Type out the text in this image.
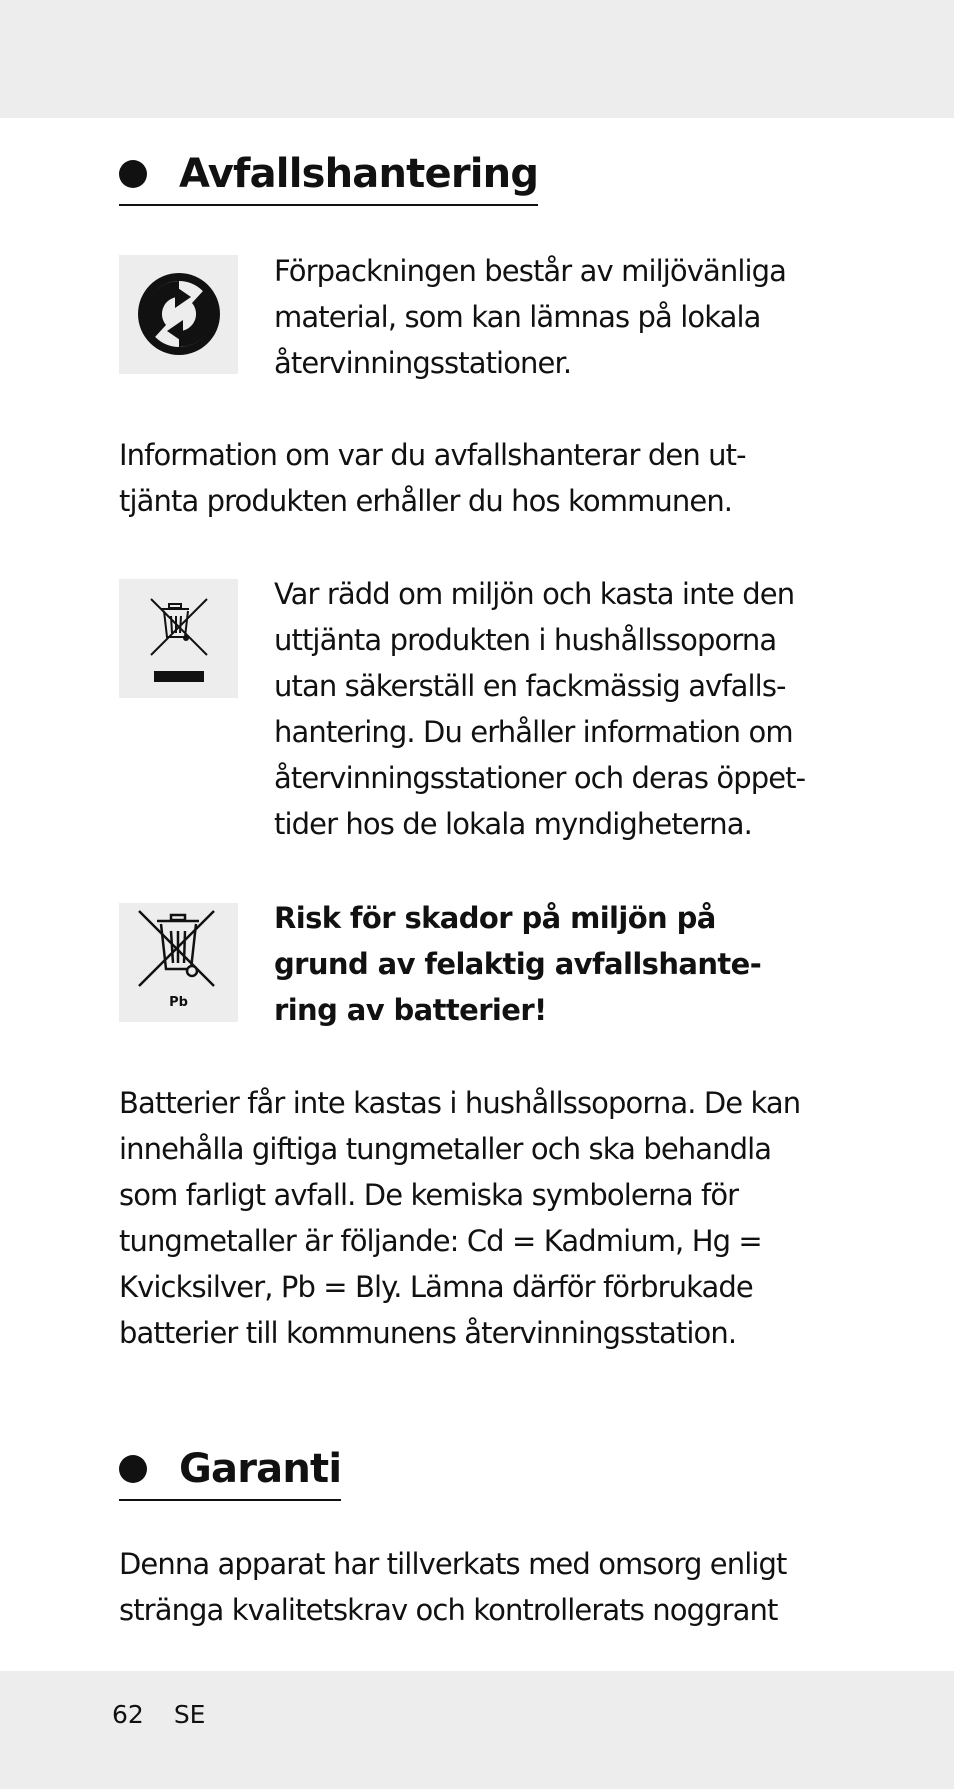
Avfallshantering

Förpackningen består av miljövänliga
material, som kan lämnas på lokala
återvinningsstationer.

Information om var du avfallshanterar den ut-
tjänta produkten erhåller du hos kommunen.

Var rädd om miljön och kasta inte den
uttjänta produkten i hushållssoporna
utan säkerställ en fackmässig avfalls-
hantering. Du erhåller information om
återvinningsstationer och deras öppet-
tider hos de lokala myndigheterna.

Pb

Risk för skador på miljön på
grund av felaktig avfallshante-
ring av batterier!

Batterier får inte kastas i hushållssoporna. De kan
innehålla giftiga tungmetaller och ska behandla
som farligt avfall. De kemiska symbolerna för
tungmetaller är följande: Cd = Kadmium, Hg =
Kvicksilver, Pb = Bly. Lämna därför förbrukade
batterier till kommunens återvinningsstation.

Garanti

Denna apparat har tillverkats med omsorg enligt
stränga kvalitetskrav och kontrollerats noggrant

62 SE
